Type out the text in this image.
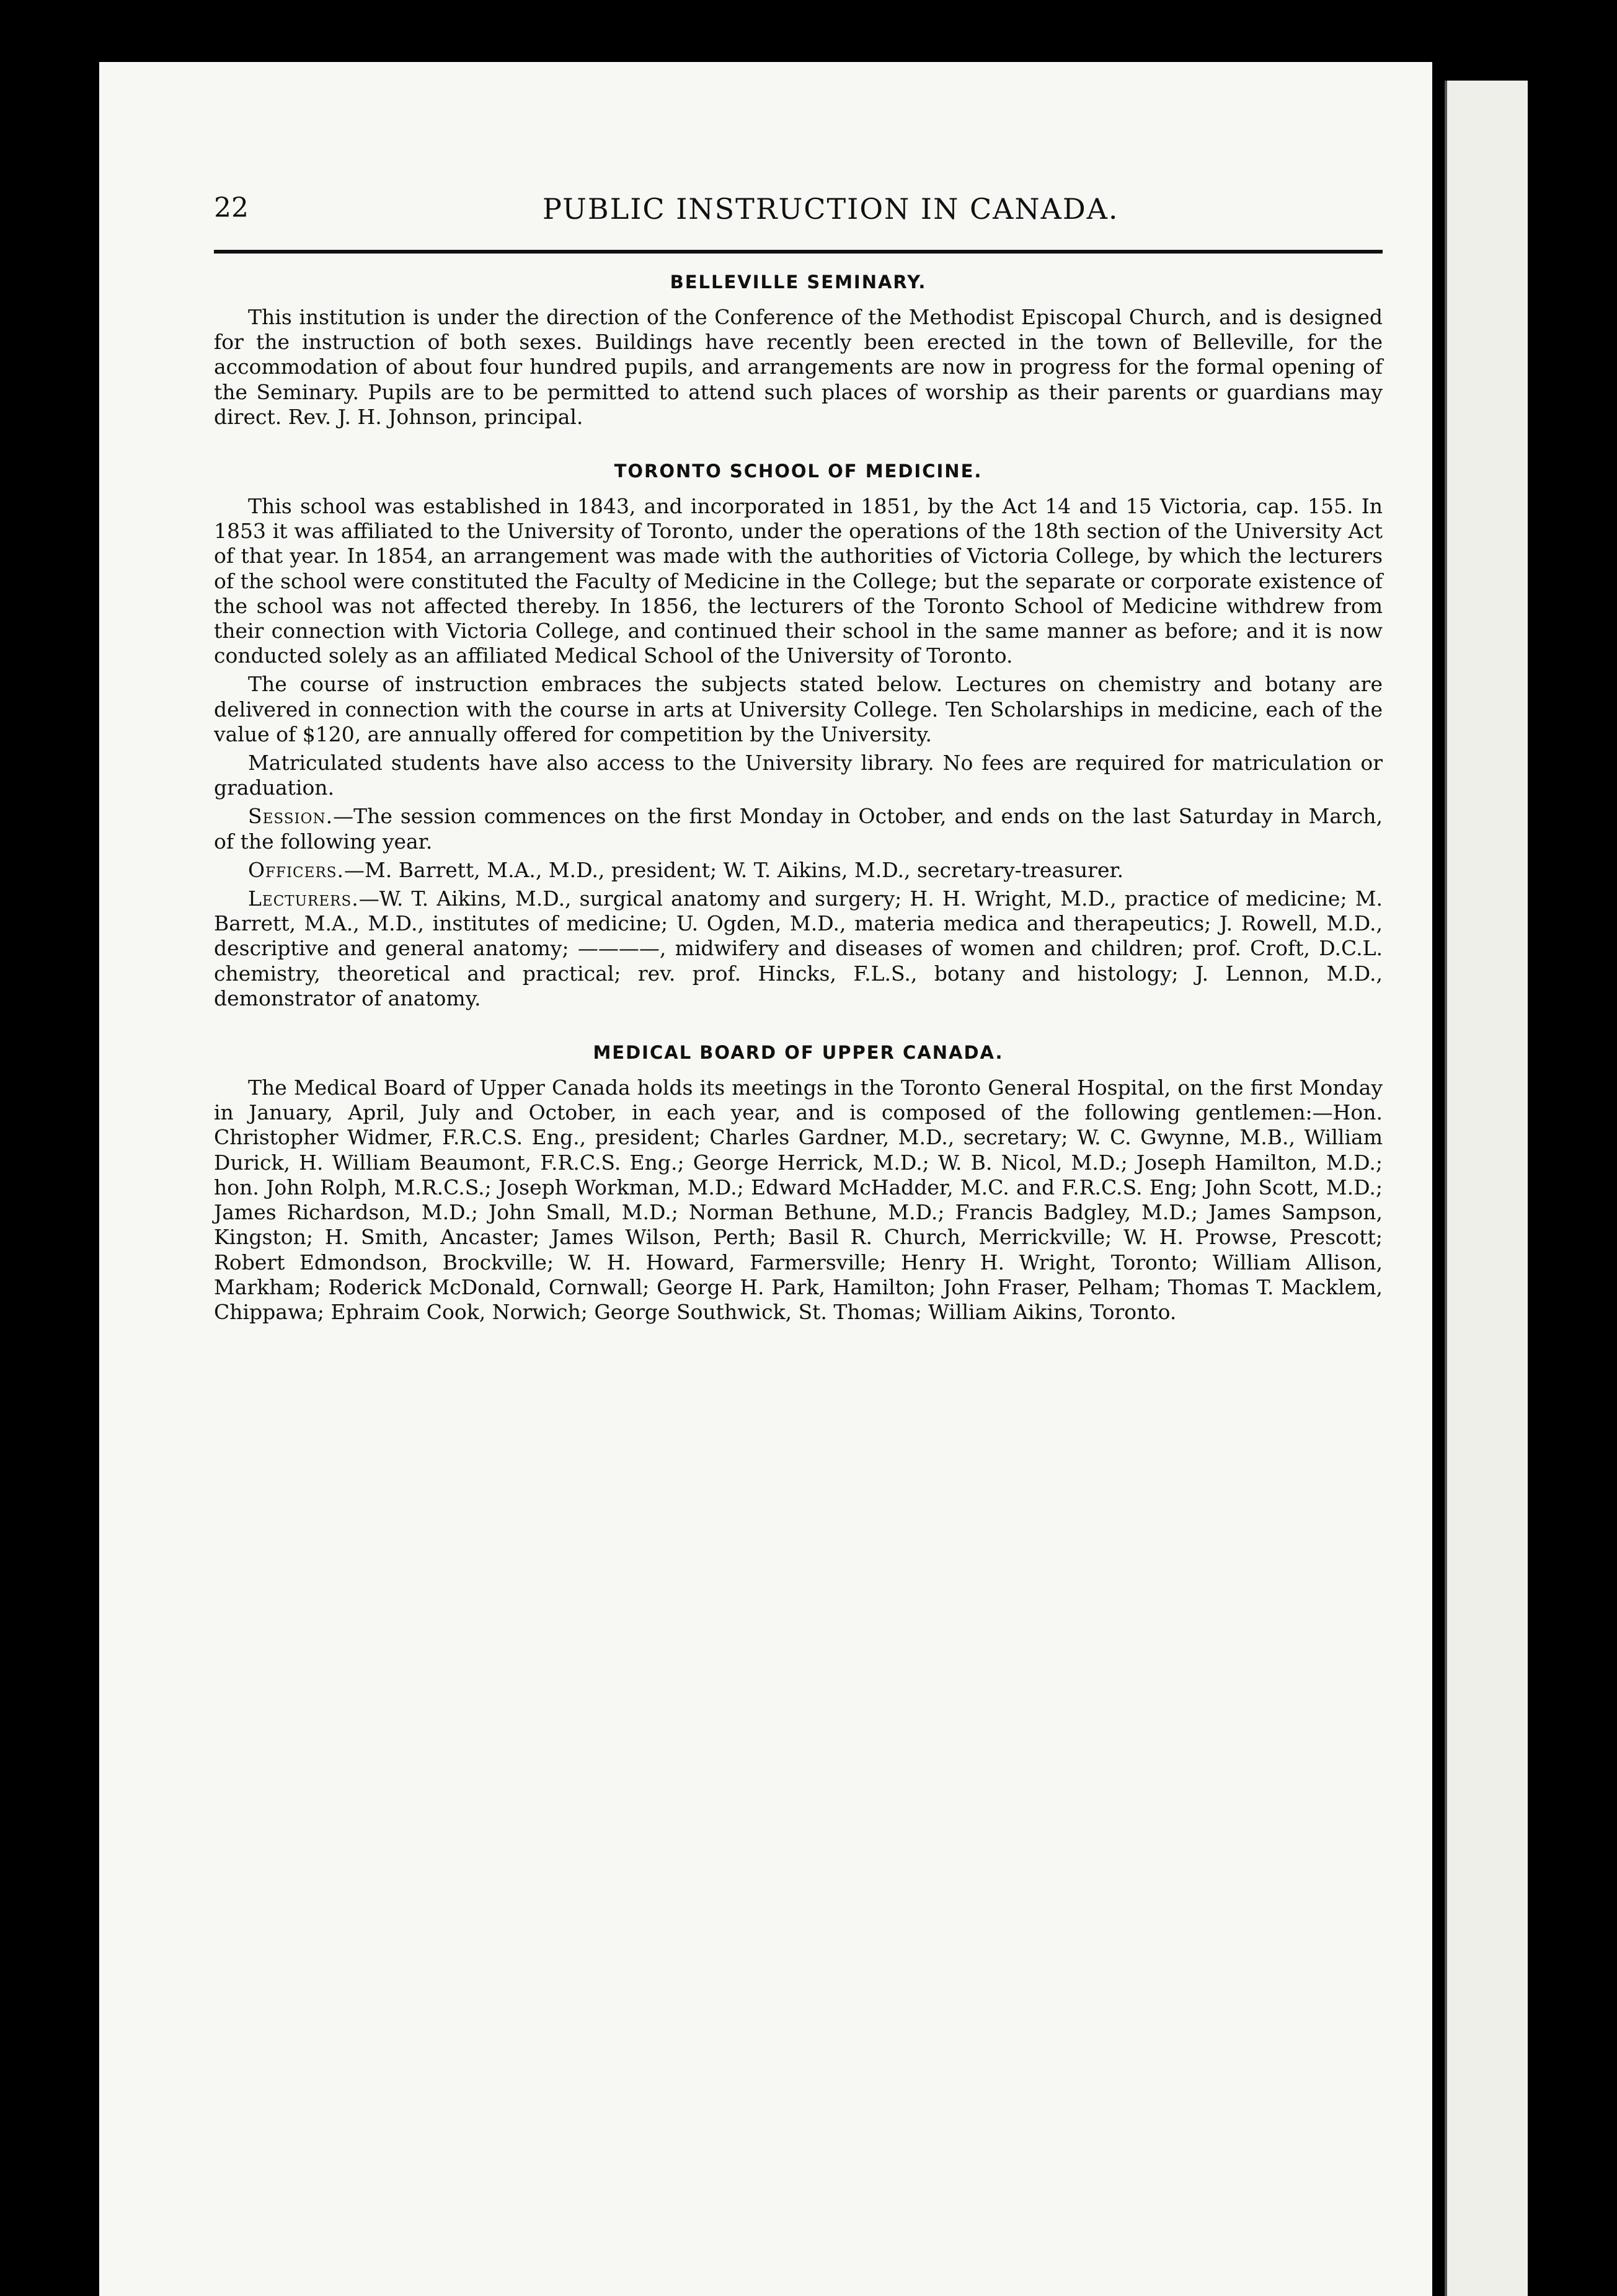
22	PUBLIC INSTRUCTION IN CANADA.
BELLEVILLE SEMINARY.

This institution is under the direction of the Conference of the Methodist Episcopal Church, and is designed for the instruction of both sexes. Buildings have recently been erected in the town of Belleville, for the accommodation of about four hundred pupils, and arrangements are now in progress for the formal opening of the Seminary. Pupils are to be permitted to attend such places of worship as their parents or guardians may direct. Rev. J. H. Johnson, principal.

TORONTO SCHOOL OF MEDICINE.

This school was established in 1843, and incorporated in 1851, by the Act 14 and 15 Victoria, cap. 155. In 1853 it was affiliated to the University of Toronto, under the operations of the 18th section of the University Act of that year. In 1854, an arrangement was made with the authorities of Victoria College, by which the lecturers of the school were constituted the Faculty of Medicine in the College; but the separate or corporate existence of the school was not affected thereby. In 1856, the lecturers of the Toronto School of Medicine withdrew from their connection with Victoria College, and continued their school in the same manner as before; and it is now conducted solely as an affiliated Medical School of the University of Toronto.

The course of instruction embraces the subjects stated below. Lectures on chemistry and botany are delivered in connection with the course in arts at University College. Ten Scholarships in medicine, each of the value of $120, are annually offered for competition by the University.

Matriculated students have also access to the University library. No fees are required for matriculation or graduation.

Session.—The session commences on the first Monday in October, and ends on the last Saturday in March, of the following year.

Officers.—M. Barrett, M.A., M.D., president; W. T. Aikins, M.D., secretary-treasurer.

Lecturers.—W. T. Aikins, M.D., surgical anatomy and surgery; H. H. Wright, M.D., practice of medicine; M. Barrett, M.A., M.D., institutes of medicine; U. Ogden, M.D., materia medica and therapeutics; J. Rowell, M.D., descriptive and general anatomy; ————, midwifery and diseases of women and children; prof. Croft, D.C.L. chemistry, theoretical and practical; rev. prof. Hincks, F.L.S., botany and histology; J. Lennon, M.D., demonstrator of anatomy.

MEDICAL BOARD OF UPPER CANADA.

The Medical Board of Upper Canada holds its meetings in the Toronto General Hospital, on the first Monday in January, April, July and October, in each year, and is composed of the following gentlemen:—Hon. Christopher Widmer, F.R.C.S. Eng., president; Charles Gardner, M.D., secretary; W. C. Gwynne, M.B., William Durick, H. William Beaumont, F.R.C.S. Eng.; George Herrick, M.D.; W. B. Nicol, M.D.; Joseph Hamilton, M.D.; hon. John Rolph, M.R.C.S.; Joseph Workman, M.D.; Edward McHadder, M.C. and F.R.C.S. Eng; John Scott, M.D.; James Richardson, M.D.; John Small, M.D.; Norman Bethune, M.D.; Francis Badgley, M.D.; James Sampson, Kingston; H. Smith, Ancaster; James Wilson, Perth; Basil R. Church, Merrickville; W. H. Prowse, Prescott; Robert Edmondson, Brockville; W. H. Howard, Farmersville; Henry H. Wright, Toronto; William Allison, Markham; Roderick McDonald, Cornwall; George H. Park, Hamilton; John Fraser, Pelham; Thomas T. Macklem, Chippawa; Ephraim Cook, Norwich; George Southwick, St. Thomas; William Aikins, Toronto.
